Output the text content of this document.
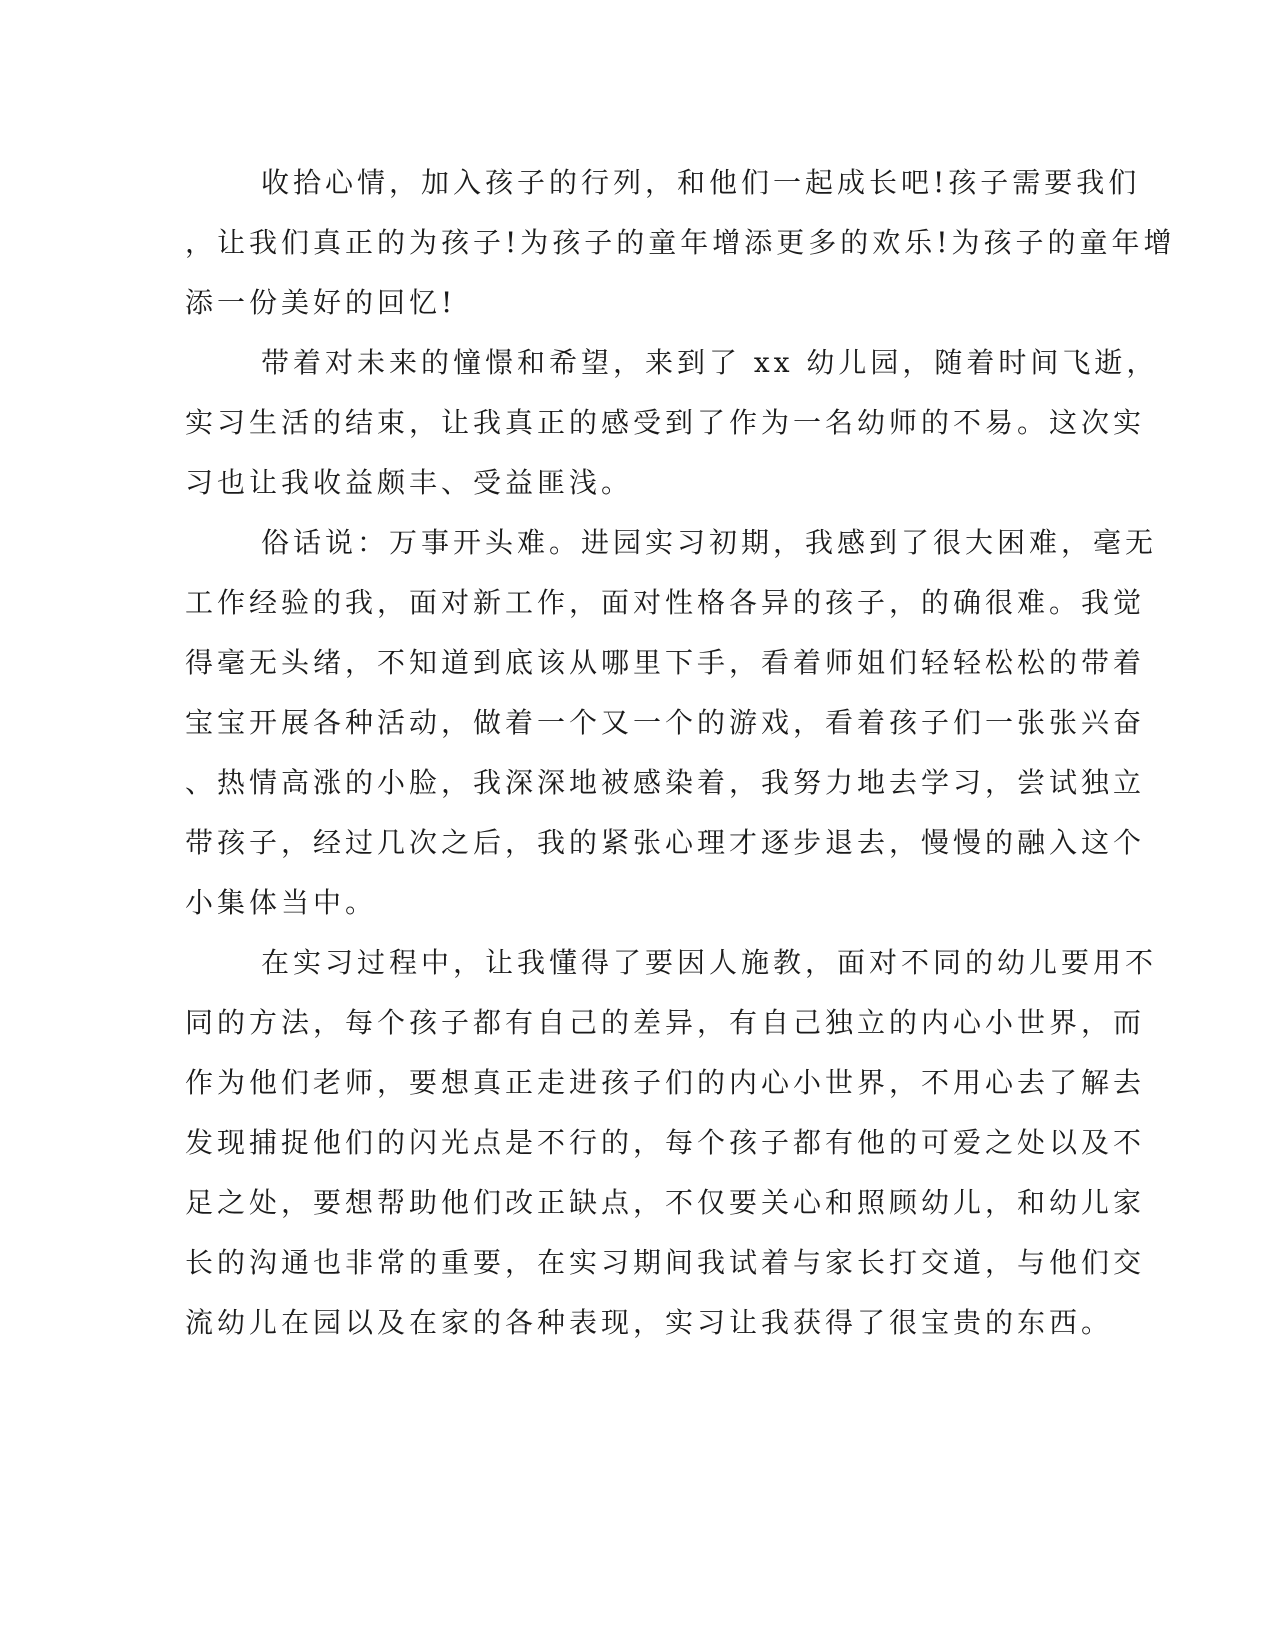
收拾心情，加入孩子的行列，和他们一起成长吧!孩子需要我们
，让我们真正的为孩子!为孩子的童年增添更多的欢乐!为孩子的童年增
添一份美好的回忆!
带着对未来的憧憬和希望，来到了 xx 幼儿园，随着时间飞逝，
实习生活的结束，让我真正的感受到了作为一名幼师的不易。这次实
习也让我收益颇丰、受益匪浅。
俗话说：万事开头难。进园实习初期，我感到了很大困难，毫无
工作经验的我，面对新工作，面对性格各异的孩子，的确很难。我觉
得毫无头绪，不知道到底该从哪里下手，看着师姐们轻轻松松的带着
宝宝开展各种活动，做着一个又一个的游戏，看着孩子们一张张兴奋
、热情高涨的小脸，我深深地被感染着，我努力地去学习，尝试独立
带孩子，经过几次之后，我的紧张心理才逐步退去，慢慢的融入这个
小集体当中。
在实习过程中，让我懂得了要因人施教，面对不同的幼儿要用不
同的方法，每个孩子都有自己的差异，有自己独立的内心小世界，而
作为他们老师，要想真正走进孩子们的内心小世界，不用心去了解去
发现捕捉他们的闪光点是不行的，每个孩子都有他的可爱之处以及不
足之处，要想帮助他们改正缺点，不仅要关心和照顾幼儿，和幼儿家
长的沟通也非常的重要，在实习期间我试着与家长打交道，与他们交
流幼儿在园以及在家的各种表现，实习让我获得了很宝贵的东西。
